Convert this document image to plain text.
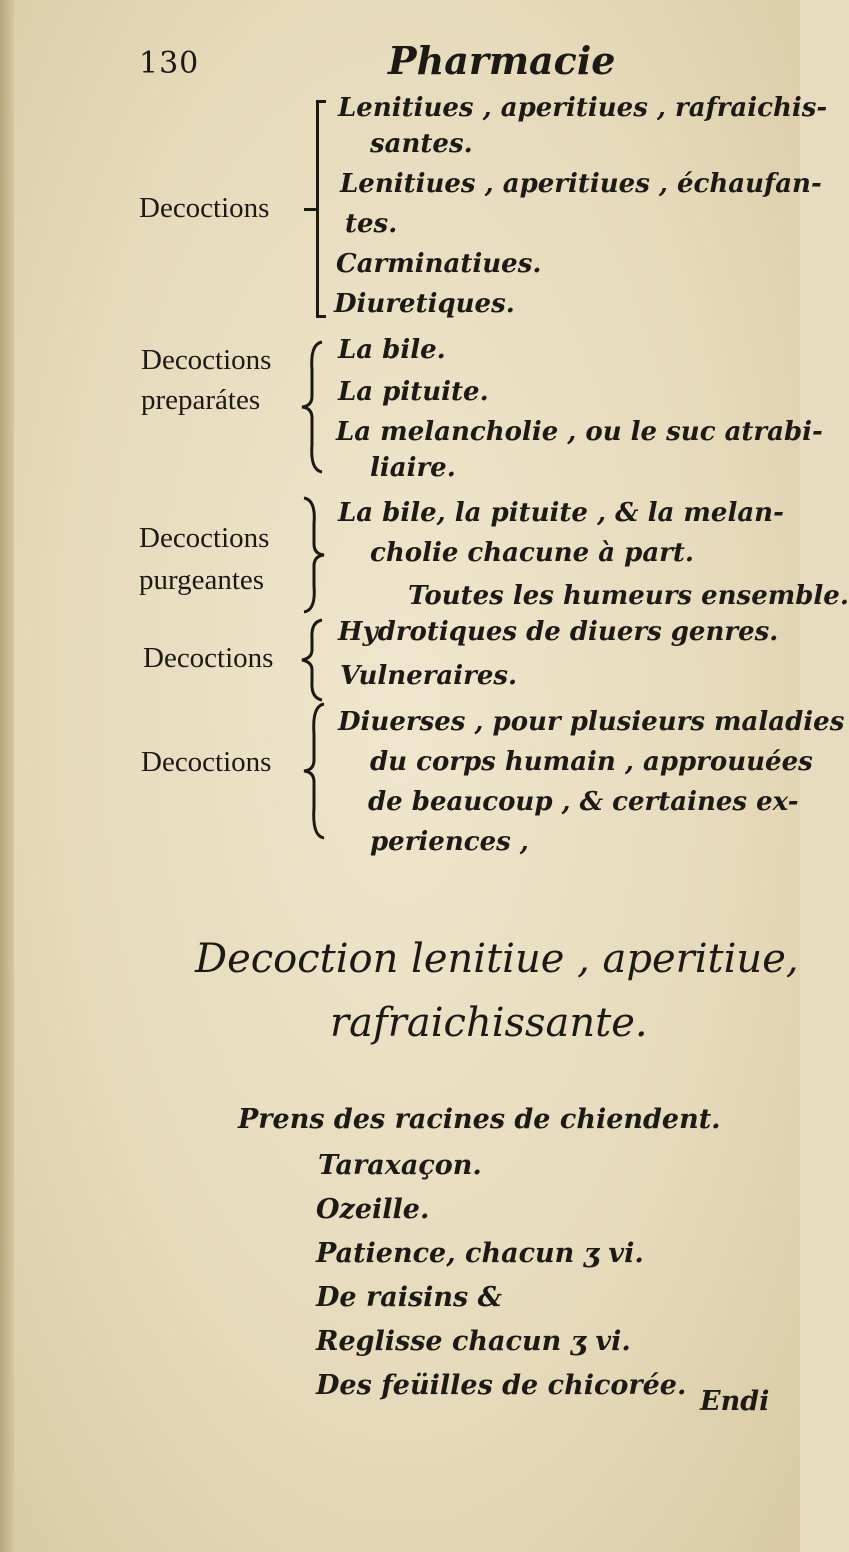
130	Pharmacie
Decoctions
Lenitiues , aperitiues , rafraichis-
santes.
Lenitiues , aperitiues , échaufan-
tes.
Carminatiues.
Diuretiques.
Decoctions
preparátes
La bile.
La pituite.
La melancholie , ou le suc atrabi-
liaire.
Decoctions
purgeantes
La bile, la pituite , & la melan-
cholie chacune à part.
Toutes les humeurs ensemble.
Decoctions
Hydrotiques de diuers genres.
Vulneraires.
Decoctions
Diuerses , pour plusieurs maladies
du corps humain , approuuées
de beaucoup , & certaines ex-
periences ,
Decoction lenitiue , aperitiue,
rafraichissante.
Prens des racines de chiendent.
Taraxaçon.
Ozeille.
Patience, chacun ʒ vi.
De raisins &
Reglisse chacun ʒ vi.
Des feüilles de chicorée.
Endi
